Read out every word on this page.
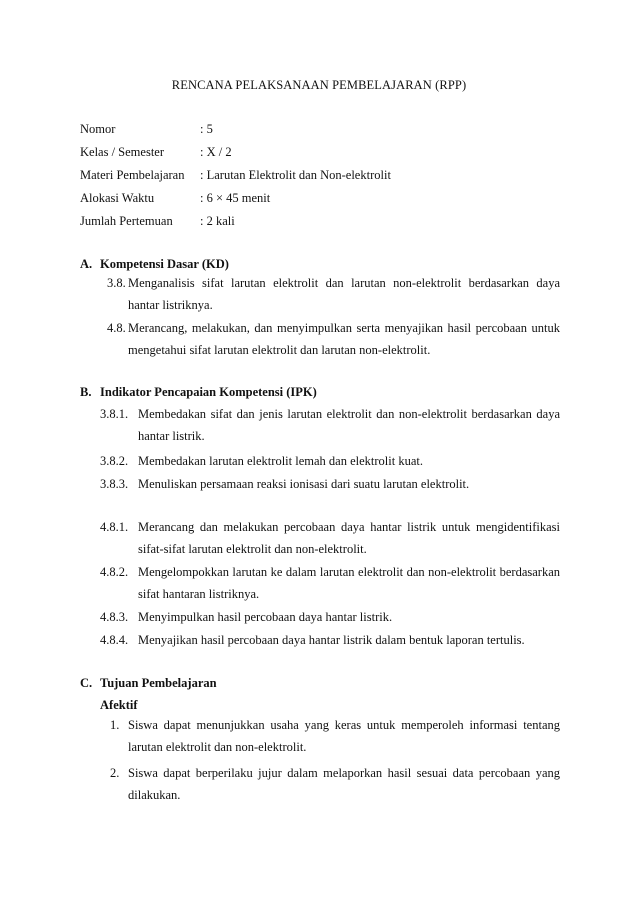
RENCANA PELAKSANAAN PEMBELAJARAN (RPP)
Nomor	: 5
Kelas / Semester	: X / 2
Materi Pembelajaran : Larutan Elektrolit dan Non-elektrolit
Alokasi Waktu	: 6 × 45 menit
Jumlah Pertemuan : 2 kali
A. Kompetensi Dasar (KD)
3.8. Menganalisis sifat larutan elektrolit dan larutan non-elektrolit berdasarkan daya hantar listriknya.
4.8. Merancang, melakukan, dan menyimpulkan serta menyajikan hasil percobaan untuk mengetahui sifat larutan elektrolit dan larutan non-elektrolit.
B. Indikator Pencapaian Kompetensi (IPK)
3.8.1. Membedakan sifat dan jenis larutan elektrolit dan non-elektrolit berdasarkan daya hantar listrik.
3.8.2. Membedakan larutan elektrolit lemah dan elektrolit kuat.
3.8.3. Menuliskan persamaan reaksi ionisasi dari suatu larutan elektrolit.
4.8.1. Merancang dan melakukan percobaan daya hantar listrik untuk mengidentifikasi sifat-sifat larutan elektrolit dan non-elektrolit.
4.8.2. Mengelompokkan larutan ke dalam larutan elektrolit dan non-elektrolit berdasarkan sifat hantaran listriknya.
4.8.3. Menyimpulkan hasil percobaan daya hantar listrik.
4.8.4. Menyajikan hasil percobaan daya hantar listrik dalam bentuk laporan tertulis.
C. Tujuan Pembelajaran
Afektif
1. Siswa dapat menunjukkan usaha yang keras untuk memperoleh informasi tentang larutan elektrolit dan non-elektrolit.
2. Siswa dapat berperilaku jujur dalam melaporkan hasil sesuai data percobaan yang dilakukan.
